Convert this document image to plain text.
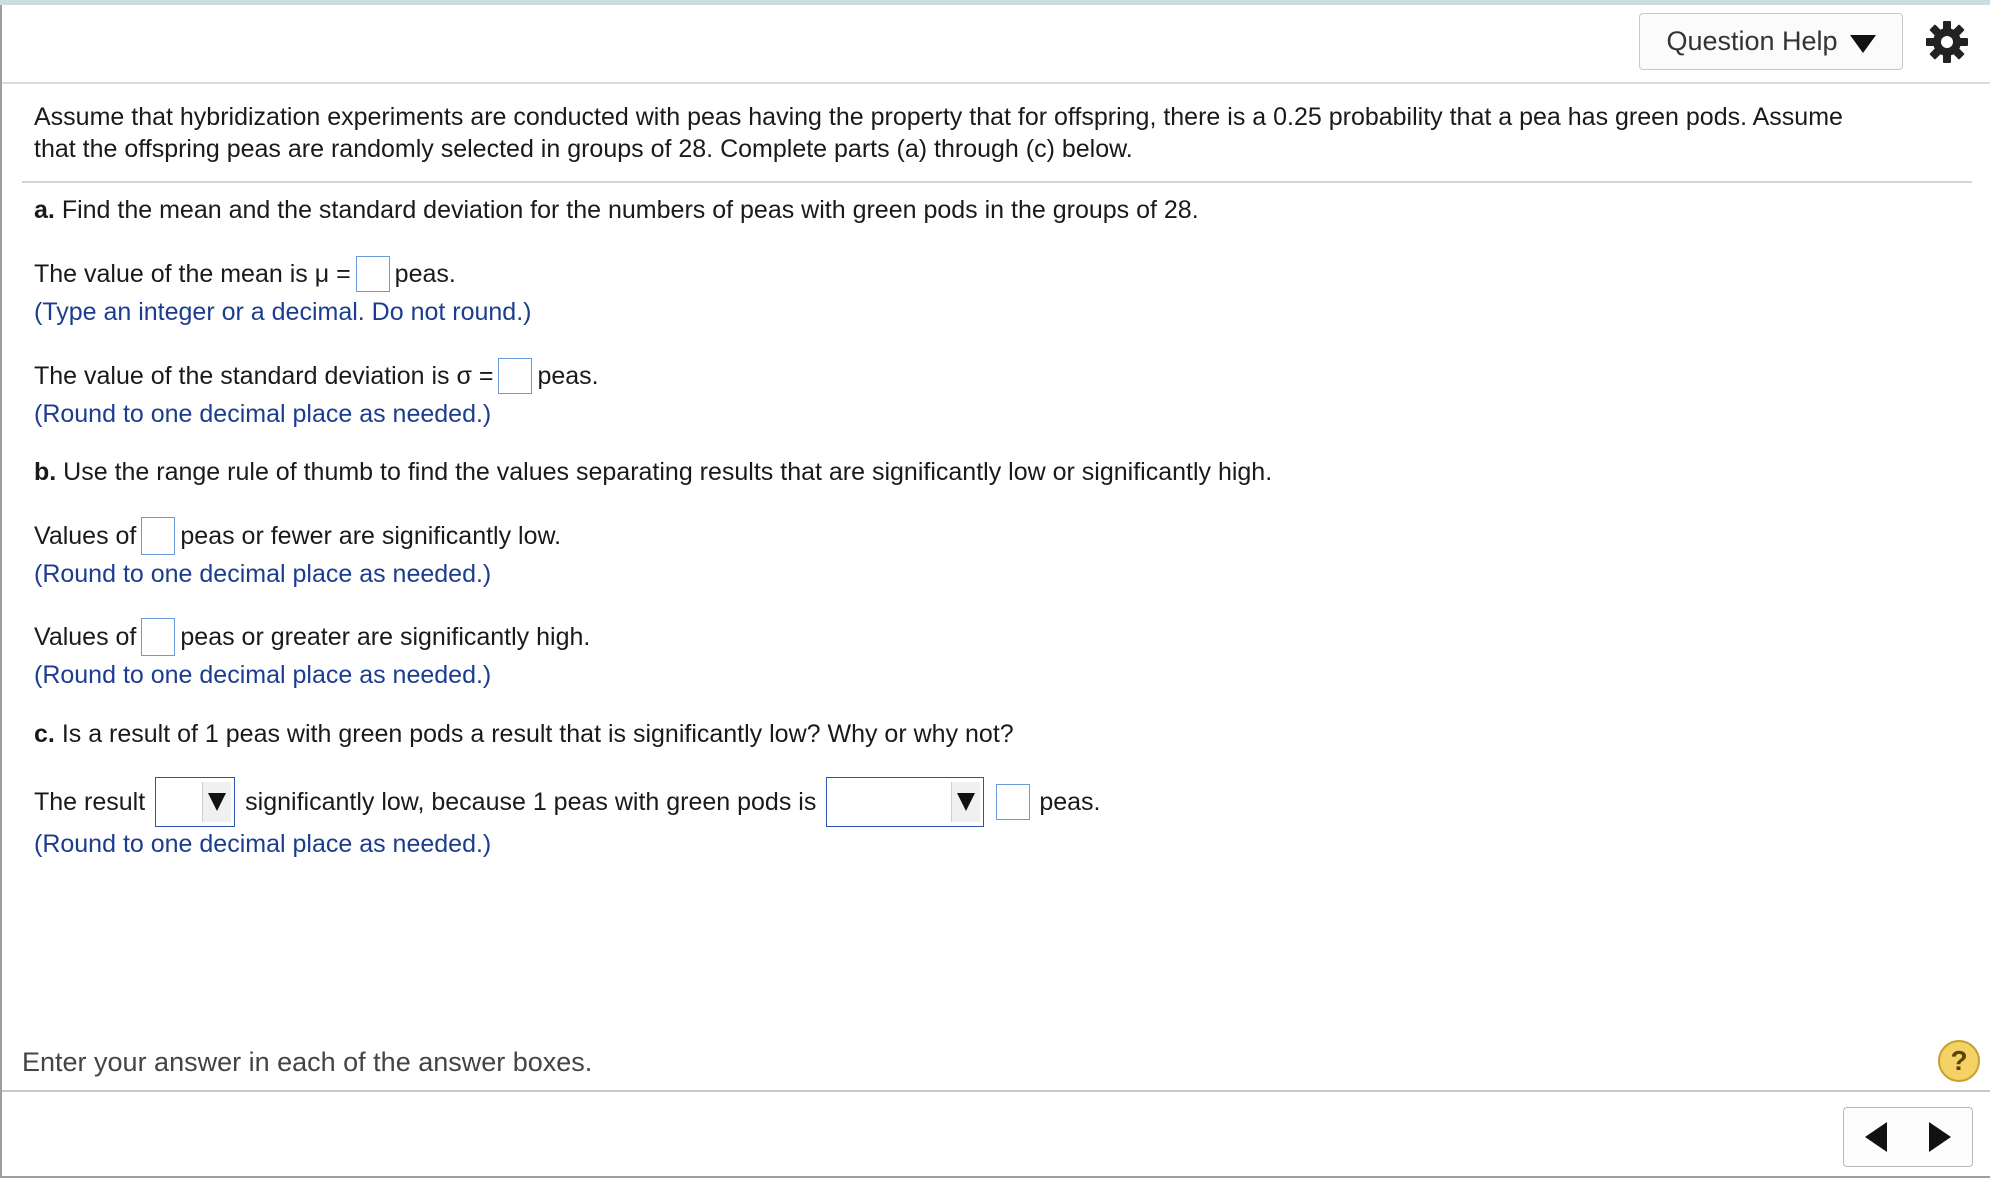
Question Help
Assume that hybridization experiments are conducted with peas having the property that for offspring, there is a 0.25 probability that a pea has green pods. Assume
that the offspring peas are randomly selected in groups of 28. Complete parts (a) through (c) below.
a. Find the mean and the standard deviation for the numbers of peas with green pods in the groups of 28.
The value of the mean is μ = peas.
(Type an integer or a decimal. Do not round.)
The value of the standard deviation is σ = peas.
(Round to one decimal place as needed.)
b. Use the range rule of thumb to find the values separating results that are significantly low or significantly high.
Values of peas or fewer are significantly low.
(Round to one decimal place as needed.)
Values of peas or greater are significantly high.
(Round to one decimal place as needed.)
c. Is a result of 1 peas with green pods a result that is significantly low? Why or why not?
The result	significantly low, because 1 peas with green pods is	peas.
(Round to one decimal place as needed.)
Enter your answer in each of the answer boxes.	?
